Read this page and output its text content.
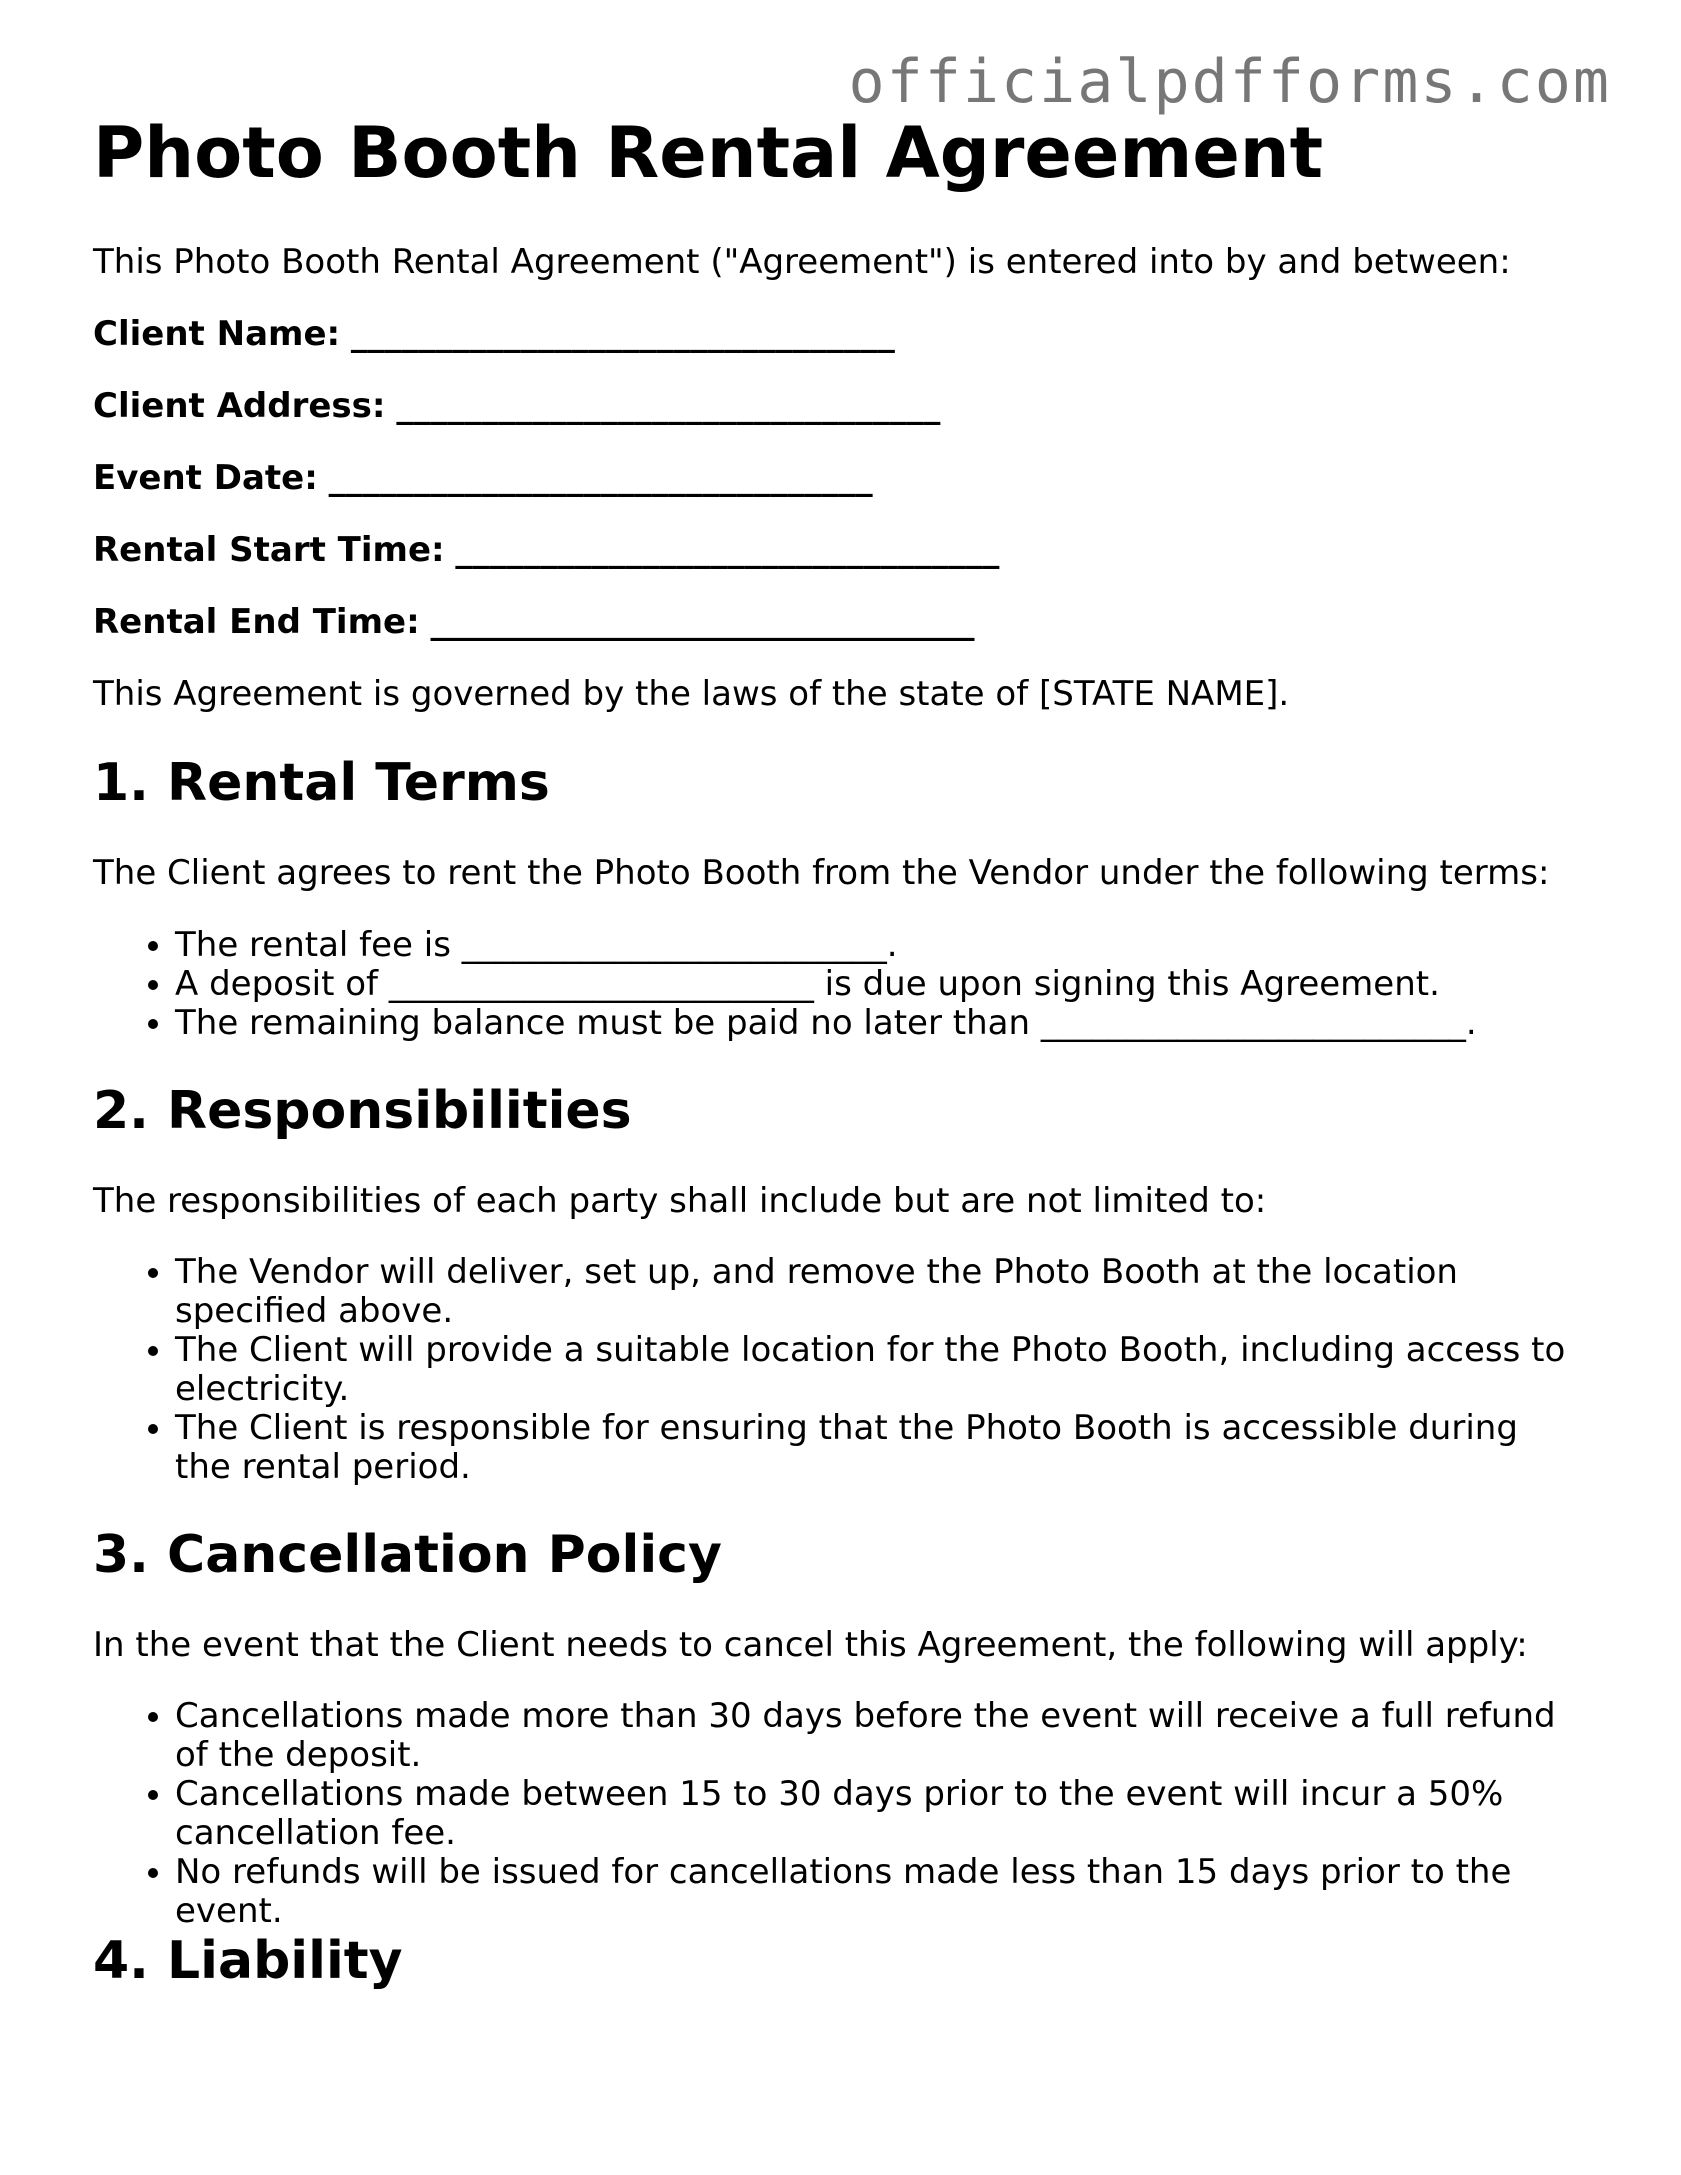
officialpdfforms.com
Photo Booth Rental Agreement

This Photo Booth Rental Agreement ("Agreement") is entered into by and between:

Client Name: ________________________________

Client Address: ________________________________

Event Date: ________________________________

Rental Start Time: ________________________________

Rental End Time: ________________________________

This Agreement is governed by the laws of the state of [STATE NAME].

1. Rental Terms

The Client agrees to rent the Photo Booth from the Vendor under the following terms:

• The rental fee is _________________________.
• A deposit of _________________________ is due upon signing this Agreement.
• The remaining balance must be paid no later than _________________________.
2. Responsibilities

The responsibilities of each party shall include but are not limited to:

• The Vendor will deliver, set up, and remove the Photo Booth at the location specified above.
• The Client will provide a suitable location for the Photo Booth, including access to electricity.
• The Client is responsible for ensuring that the Photo Booth is accessible during the rental period.
3. Cancellation Policy

In the event that the Client needs to cancel this Agreement, the following will apply:

• Cancellations made more than 30 days before the event will receive a full refund of the deposit.
• Cancellations made between 15 to 30 days prior to the event will incur a 50% cancellation fee.
• No refunds will be issued for cancellations made less than 15 days prior to the event.
4. Liability
